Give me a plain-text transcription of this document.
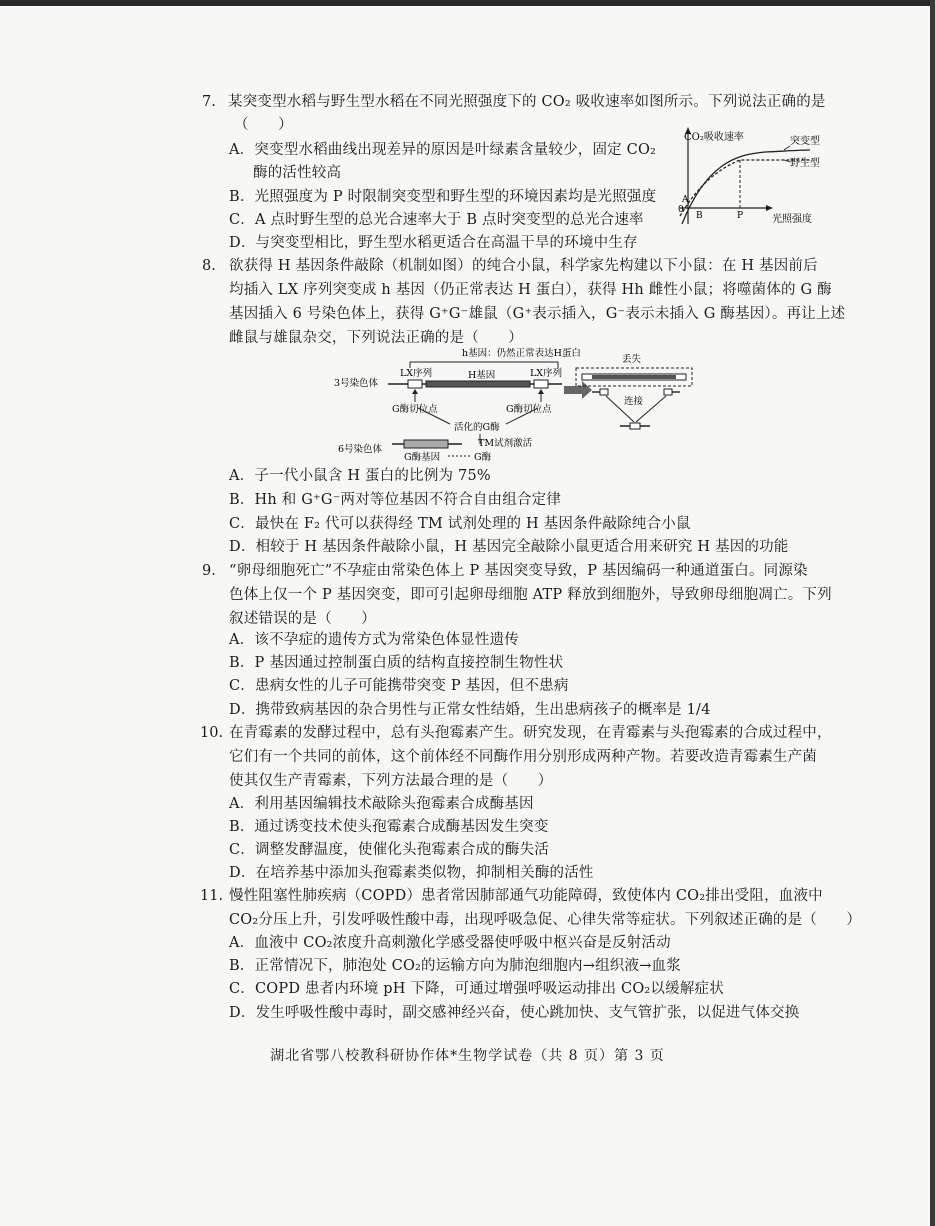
7. 某突变型水稻与野生型水稻在不同光照强度下的 CO₂ 吸收速率如图所示。下列说法正确的是
（　　）
A．突变型水稻曲线出现差异的原因是叶绿素含量较少，固定 CO₂
酶的活性较高
B．光照强度为 P 时限制突变型和野生型的环境因素均是光照强度
C．A 点时野生型的总光合速率大于 B 点时突变型的总光合速率
D．与突变型相比，野生型水稻更适合在高温干旱的环境中生存
CO₂吸收速率
光照强度
0
突变型
野生型
A
B	P
8. 欲获得 H 基因条件敲除（机制如图）的纯合小鼠，科学家先构建以下小鼠：在 H 基因前后
均插入 LX 序列突变成 h 基因（仍正常表达 H 蛋白），获得 Hh 雌性小鼠；将噬菌体的 G 酶
基因插入 6 号染色体上，获得 G⁺G⁻雄鼠（G⁺表示插入，G⁻表示未插入 G 酶基因）。再让上述
雌鼠与雄鼠杂交，下列说法正确的是（　　）
h基因：仍然正常表达H蛋白
3号染色体
LX序列	H基因	LX序列
G酶切位点	G酶切位点
丢失
连接
活化的G酶
TM试剂激活
6号染色体
G酶基因	G酶
A．子一代小鼠含 H 蛋白的比例为 75%
B．Hh 和 G⁺G⁻两对等位基因不符合自由组合定律
C．最快在 F₂ 代可以获得经 TM 试剂处理的 H 基因条件敲除纯合小鼠
D．相较于 H 基因条件敲除小鼠，H 基因完全敲除小鼠更适合用来研究 H 基因的功能
9. “卵母细胞死亡”不孕症由常染色体上 P 基因突变导致，P 基因编码一种通道蛋白。同源染
色体上仅一个 P 基因突变，即可引起卵母细胞 ATP 释放到细胞外，导致卵母细胞凋亡。下列
叙述错误的是（　　）
A．该不孕症的遗传方式为常染色体显性遗传
B．P 基因通过控制蛋白质的结构直接控制生物性状
C．患病女性的儿子可能携带突变 P 基因，但不患病
D．携带致病基因的杂合男性与正常女性结婚，生出患病孩子的概率是 1/4
10. 在青霉素的发酵过程中，总有头孢霉素产生。研究发现，在青霉素与头孢霉素的合成过程中，
它们有一个共同的前体，这个前体经不同酶作用分别形成两种产物。若要改造青霉素生产菌
使其仅生产青霉素，下列方法最合理的是（　　）
A．利用基因编辑技术敲除头孢霉素合成酶基因
B．通过诱变技术使头孢霉素合成酶基因发生突变
C．调整发酵温度，使催化头孢霉素合成的酶失活
D．在培养基中添加头孢霉素类似物，抑制相关酶的活性
11. 慢性阻塞性肺疾病（COPD）患者常因肺部通气功能障碍，致使体内 CO₂排出受阻，血液中
CO₂分压上升，引发呼吸性酸中毒，出现呼吸急促、心律失常等症状。下列叙述正确的是（　　）
A．血液中 CO₂浓度升高刺激化学感受器使呼吸中枢兴奋是反射活动
B．正常情况下，肺泡处 CO₂的运输方向为肺泡细胞内→组织液→血浆
C．COPD 患者内环境 pH 下降，可通过增强呼吸运动排出 CO₂以缓解症状
D．发生呼吸性酸中毒时，副交感神经兴奋，使心跳加快、支气管扩张，以促进气体交换
湖北省鄂八校教科研协作体*生物学试卷（共 8 页）第 3 页
